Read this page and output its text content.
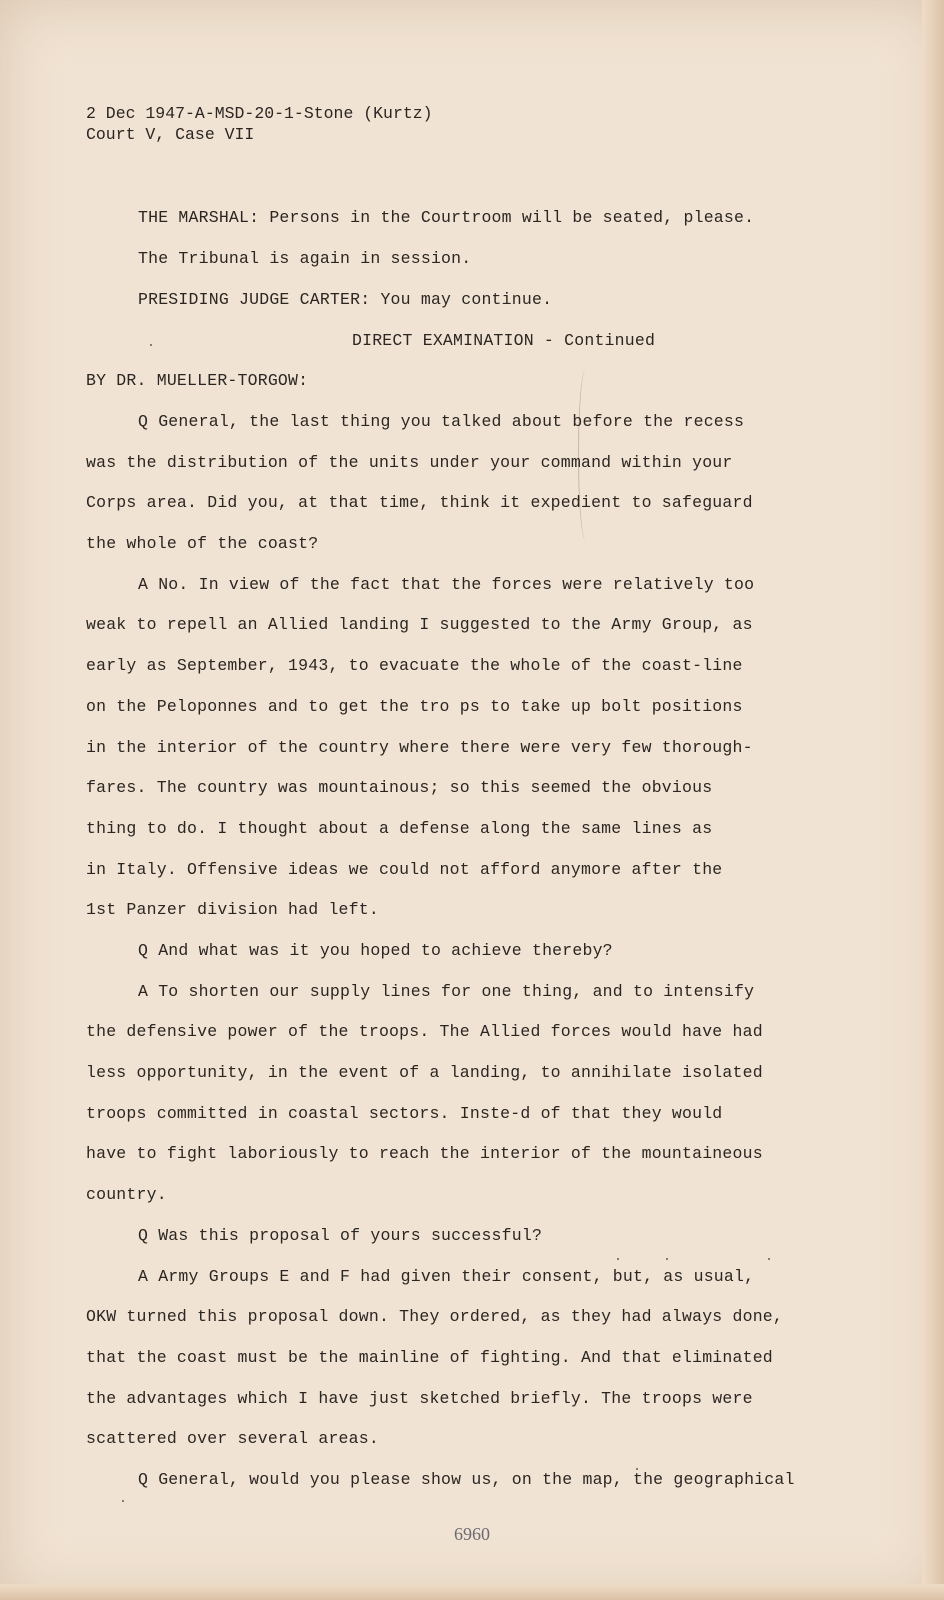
2 Dec 1947-A-MSD-20-1-Stone (Kurtz)
Court V, Case VII
THE MARSHAL: Persons in the Courtroom will be seated, please.
The Tribunal is again in session.
PRESIDING JUDGE CARTER: You may continue.
DIRECT EXAMINATION - Continued
BY DR. MUELLER-TORGOW:
Q General, the last thing you talked about before the recess
was the distribution of the units under your command within your
Corps area. Did you, at that time, think it expedient to safeguard
the whole of the coast?
A No. In view of the fact that the forces were relatively too
weak to repell an Allied landing I suggested to the Army Group, as
early as September, 1943, to evacuate the whole of the coast-line
on the Peloponnes and to get the tro ps to take up bolt positions
in the interior of the country where there were very few thorough-
fares. The country was mountainous; so this seemed the obvious
thing to do. I thought about a defense along the same lines as
in Italy. Offensive ideas we could not afford anymore after the
1st Panzer division had left.
Q And what was it you hoped to achieve thereby?
A To shorten our supply lines for one thing, and to intensify
the defensive power of the troops. The Allied forces would have had
less opportunity, in the event of a landing, to annihilate isolated
troops committed in coastal sectors. Inste-d of that they would
have to fight laboriously to reach the interior of the mountaineous
country.
Q Was this proposal of yours successful?
A Army Groups E and F had given their consent, but, as usual,
OKW turned this proposal down. They ordered, as they had always done,
that the coast must be the mainline of fighting. And that eliminated
the advantages which I have just sketched briefly. The troops were
scattered over several areas.
Q General, would you please show us, on the map, the geographical
6960
